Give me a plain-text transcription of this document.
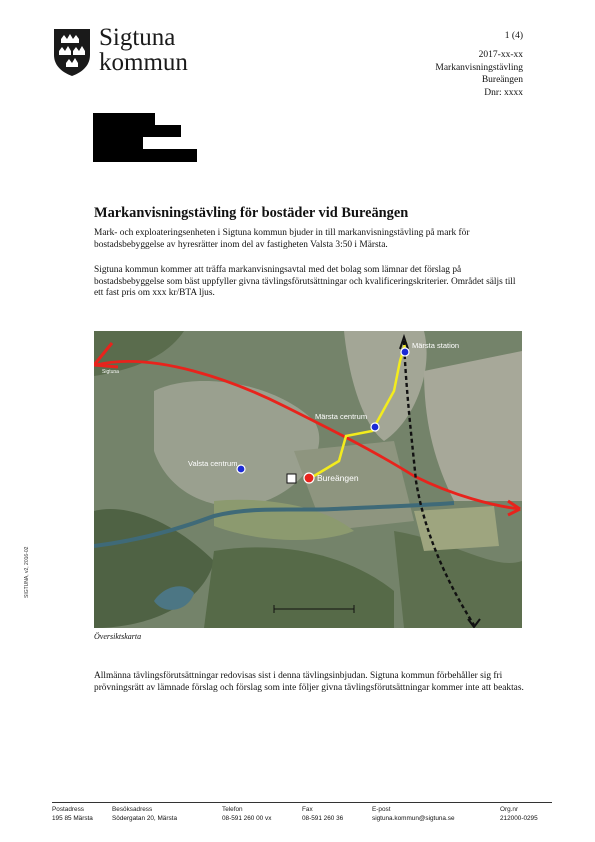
Sigtuna
kommun
1 (4)
2017-xx-xx
Markanvisningstävling
Bureängen
Dnr: xxxx
Markanvisningstävling för bostäder vid Bureängen
Mark- och exploateringsenheten i Sigtuna kommun bjuder in till markanvisningstävling på mark för bostadsbebyggelse av hyresrätter inom del av fastigheten Valsta 3:50 i Märsta.
Sigtuna kommun kommer att träffa markanvisningsavtal med det bolag som lämnar det förslag på bostadsbebyggelse som bäst uppfyller givna tävlingsförutsättningar och kvalificeringskriterier. Området säljs till ett fast pris om xxx kr/BTA ljus.
Märsta station
Märsta centrum
Valsta centrum
Bureängen
Sigtuna
Översiktskarta
Allmänna tävlingsförutsättningar redovisas sist i denna tävlingsinbjudan. Sigtuna kommun förbehåller sig fri prövningsrätt av lämnade förslag och förslag som inte följer givna tävlingsförutsättningar kommer inte att beaktas.
SIGTUNA, v2, 2016-02
Postadress
195 85 Märsta
Besöksadress
Södergatan 20, Märsta
Telefon
08-591 260 00 vx
Fax
08-591 260 36
E-post
sigtuna.kommun@sigtuna.se
Org.nr
212000-0295
